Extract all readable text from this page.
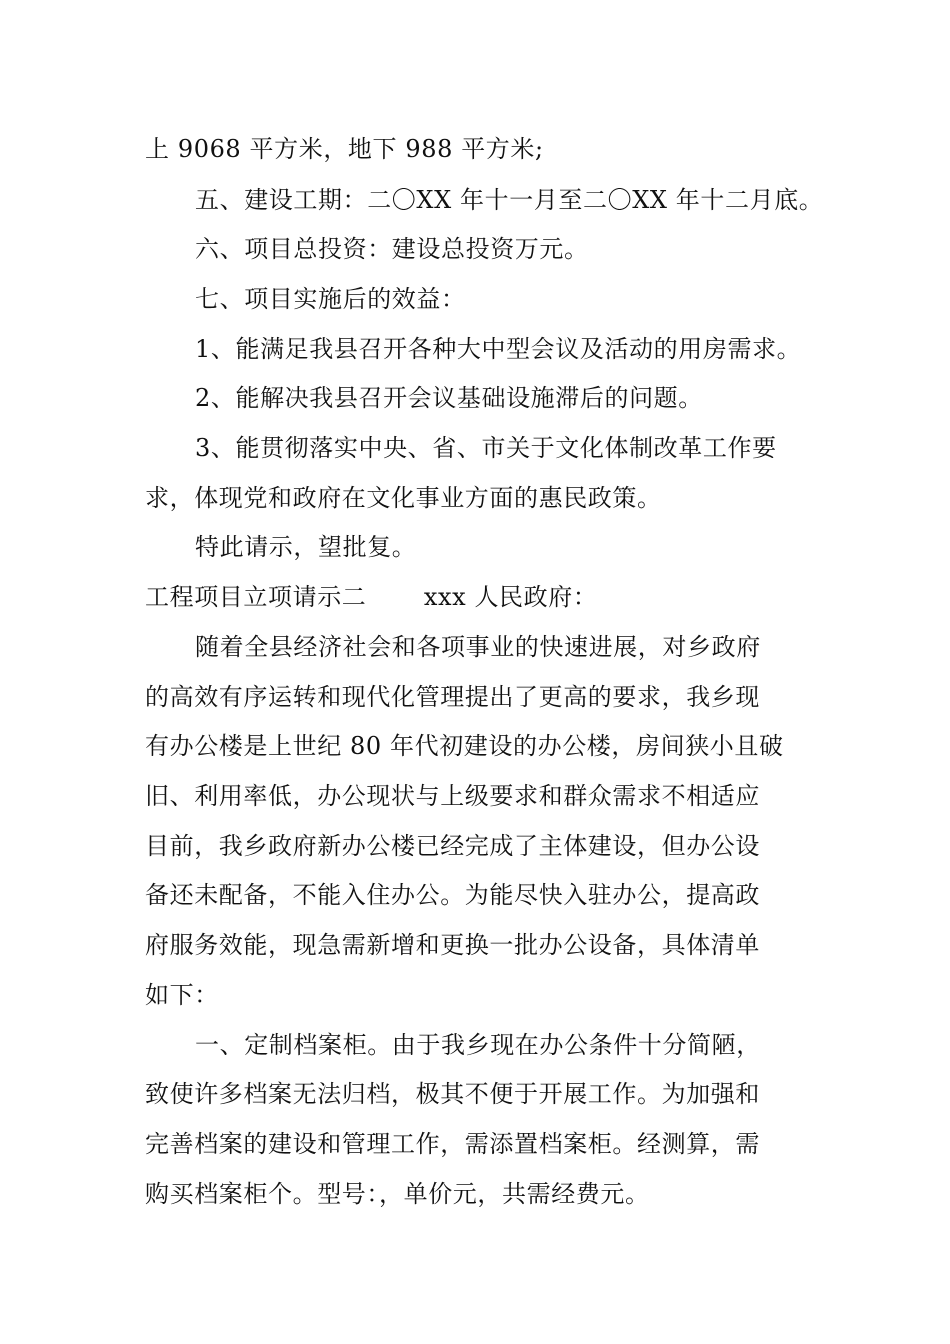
上 9068 平方米，地下 988 平方米;
五、建设工期：二〇XX 年十一月至二〇XX 年十二月底。
六、项目总投资：建设总投资万元。
七、项目实施后的效益：
1、能满足我县召开各种大中型会议及活动的用房需求。
2、能解决我县召开会议基础设施滞后的问题。
3、能贯彻落实中央、省、市关于文化体制改革工作要
求，体现党和政府在文化事业方面的惠民政策。
特此请示，望批复。
工程项目立项请示二　　 xxx 人民政府：
随着全县经济社会和各项事业的快速进展，对乡政府
的高效有序运转和现代化管理提出了更高的要求，我乡现
有办公楼是上世纪 80 年代初建设的办公楼，房间狭小且破
旧、利用率低，办公现状与上级要求和群众需求不相适应
目前，我乡政府新办公楼已经完成了主体建设，但办公设
备还未配备，不能入住办公。为能尽快入驻办公，提高政
府服务效能，现急需新增和更换一批办公设备，具体清单
如下：
一、定制档案柜。由于我乡现在办公条件十分简陋，
致使许多档案无法归档，极其不便于开展工作。为加强和
完善档案的建设和管理工作，需添置档案柜。经测算，需
购买档案柜个。型号：，单价元，共需经费元。
